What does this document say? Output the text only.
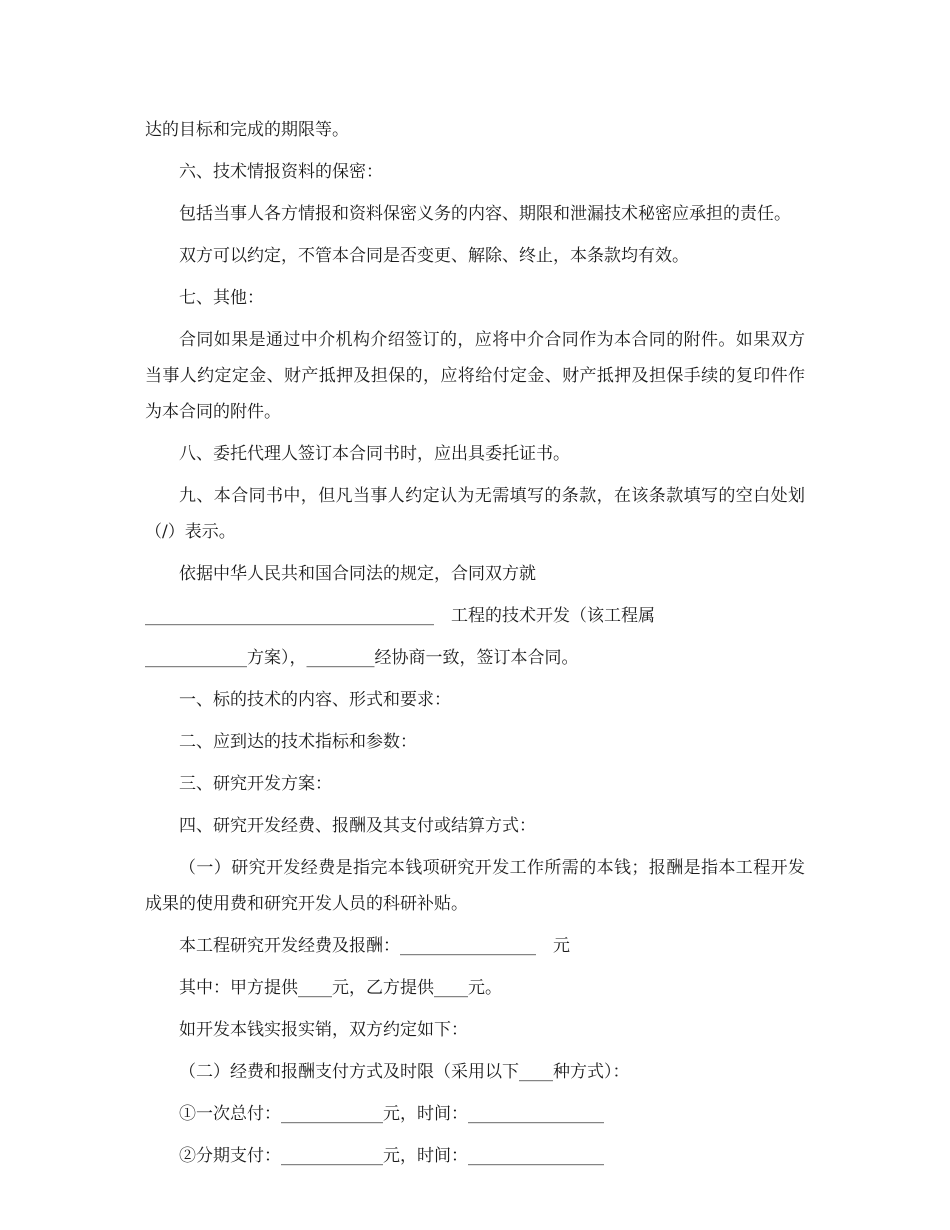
达的目标和完成的期限等。

六、技术情报资料的保密：

包括当事人各方情报和资料保密义务的内容、期限和泄漏技术秘密应承担的责任。

双方可以约定，不管本合同是否变更、解除、终止，本条款均有效。

七、其他：

合同如果是通过中介机构介绍签订的，应将中介合同作为本合同的附件。如果双方当事人约定定金、财产抵押及担保的，应将给付定金、财产抵押及担保手续的复印件作为本合同的附件。

八、委托代理人签订本合同书时，应出具委托证书。

九、本合同书中，但凡当事人约定认为无需填写的条款，在该条款填写的空白处划（/）表示。

依据中华人民共和国合同法的规定，合同双方就

__________________________________　工程的技术开发（该工程属

____________方案），________经协商一致，签订本合同。

一、标的技术的内容、形式和要求：

二、应到达的技术指标和参数：

三、研究开发方案：

四、研究开发经费、报酬及其支付或结算方式：

（一）研究开发经费是指完本钱项研究开发工作所需的本钱；报酬是指本工程开发成果的使用费和研究开发人员的科研补贴。

本工程研究开发经费及报酬：________________　元

其中：甲方提供____元，乙方提供____元。

如开发本钱实报实销，双方约定如下：

（二）经费和报酬支付方式及时限（采用以下____种方式）：

①一次总付：____________元，时间：________________

②分期支付：____________元，时间：________________
